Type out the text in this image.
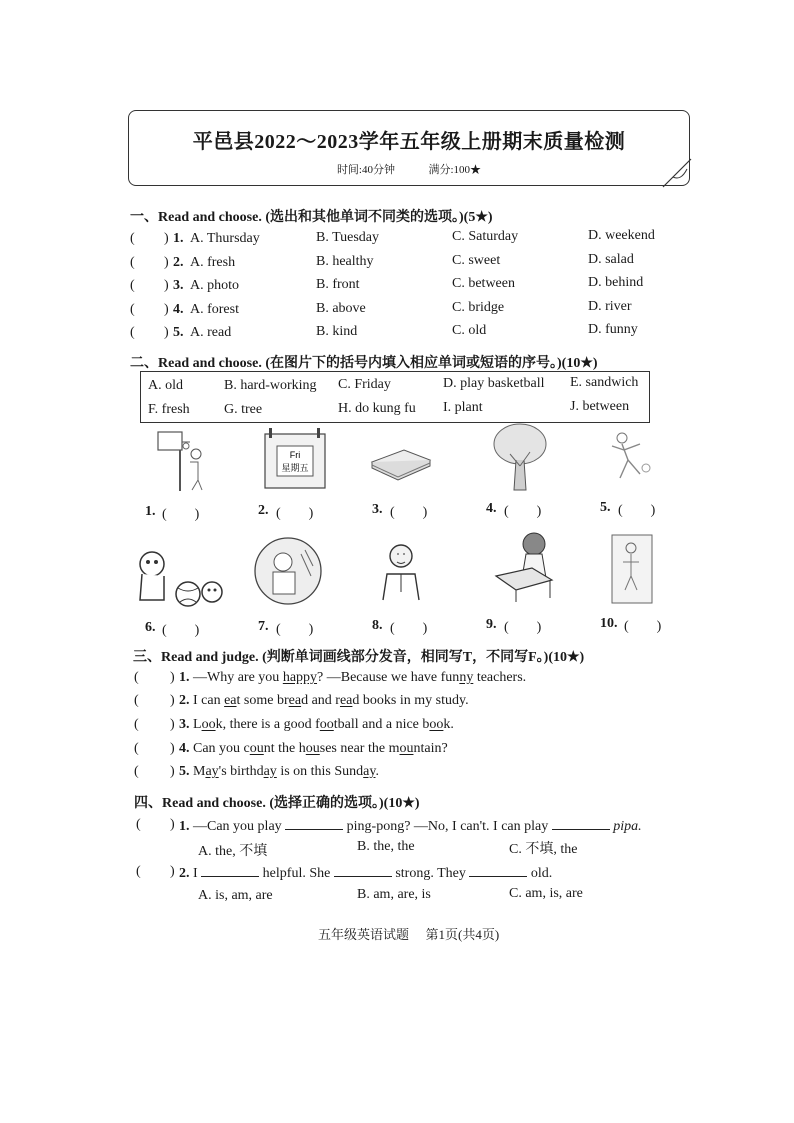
平邑县2022～2023学年五年级上册期末质量检测
时间:40分钟	满分:100★
一、Read and choose. (选出和其他单词不同类的选项。)(5★)
( ) 1. A. Thursday	B. Tuesday	C. Saturday	D. weekend
( ) 2. A. fresh	B. healthy	C. sweet	D. salad
( ) 3. A. photo	B. front	C. between	D. behind
( ) 4. A. forest	B. above	C. bridge	D. river
( ) 5. A. read	B. kind	C. old	D. funny
二、Read and choose. (在图片下的括号内填入相应单词或短语的序号。)(10★)
A. old	B. hard-working C. Friday	D. play basketball E. sandwich
F. fresh G. tree	H. do kung fu I. plant	J. between
Fri
星期五
1. (　　)	2. (　　)	3. (　　)	4. (　　)	5. (　　)
6. (　　)	7. (　　)	8. (　　)	9. (　　)	10. (　　)
三、Read and judge. (判断单词画线部分发音，相同写T，不同写F。)(10★)
( ) 1. —Why are you happy? —Because we have funny teachers.
( ) 2. I can eat some bread and read books in my study.
( ) 3. Look, there is a good football and a nice book.
( ) 4. Can you count the houses near the mountain?
( ) 5. May's birthday is on this Sunday.
四、Read and choose. (选择正确的选项。)(10★)
( ) 1. —Can you play	ping-pong? —No, I can't. I can play	pipa.
A. the, 不填	B. the, the	C. 不填, the
( ) 2. I	helpful. She	strong. They	old.
A. is, am, are	B. am, are, is	C. am, is, are
五年级英语试题 第1页(共4页)
